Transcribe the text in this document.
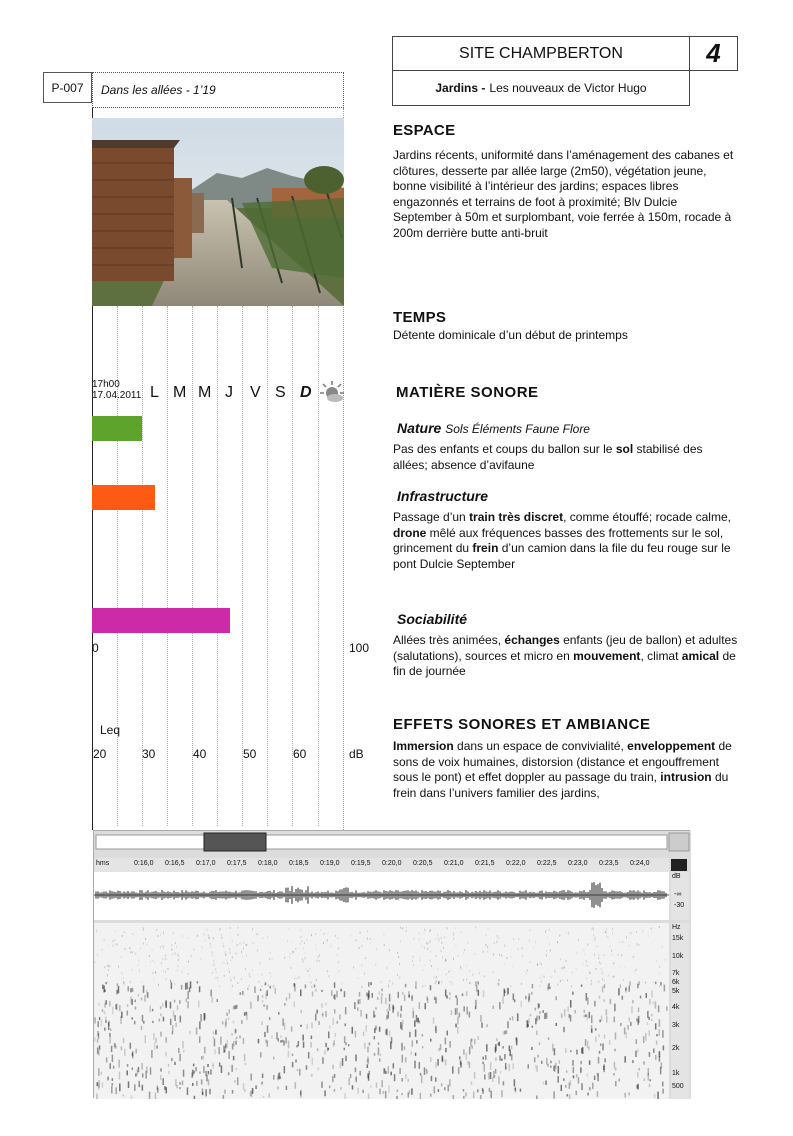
SITE CHAMPBERTON	4
Jardins - Les nouveaux de Victor Hugo
P-007	Dans les allées - 1’19
17h00
17.04.2011 L M M J V S D
0	100
Leq
20	30	40	50	60	dB
ESPACE
Jardins récents, uniformité dans l’aménagement des cabanes et clôtures, desserte par allée large (2m50), végétation jeune, bonne visibilité à l’intérieur des jardins; espaces libres engazonnés et terrains de foot à proximité; Blv Dulcie September à 50m et surplombant, voie ferrée à 150m, rocade à 200m derrière butte anti-bruit
TEMPS
Détente dominicale d’un début de printemps
MATIÈRE SONORE
Nature Sols Éléments Faune Flore
Pas des enfants et coups du ballon sur le sol stabilisé des allées; absence d’avifaune
Infrastructure
Passage d’un train très discret, comme étouffé; rocade calme, drone mêlé aux fréquences basses des frottements sur le sol, grincement du frein d’un camion dans la file du feu rouge sur le pont Dulcie September
Sociabilité
Allées très animées, échanges enfants (jeu de ballon) et adultes (salutations), sources et micro en mouvement, climat amical de fin de journée
EFFETS SONORES ET AMBIANCE
Immersion dans un espace de convivialité, enveloppement de sons de voix humaines, distorsion (distance et engouffrement sous le pont) et effet doppler au passage du train, intrusion du frein dans l’univers familier des jardins,
hms	0:16,0 0:16,5 0:17,0 0:17,5 0:18,0 0:18,5 0:19,0 0:19,5 0:20,0 0:20,5 0:21,0 0:21,5 0:22,0 0:22,5 0:23,0 0:23,5 0:24,0
dB
-∞
-30
Hz
15k
10k
7k
6k
5k
4k
3k
2k
1k
500
